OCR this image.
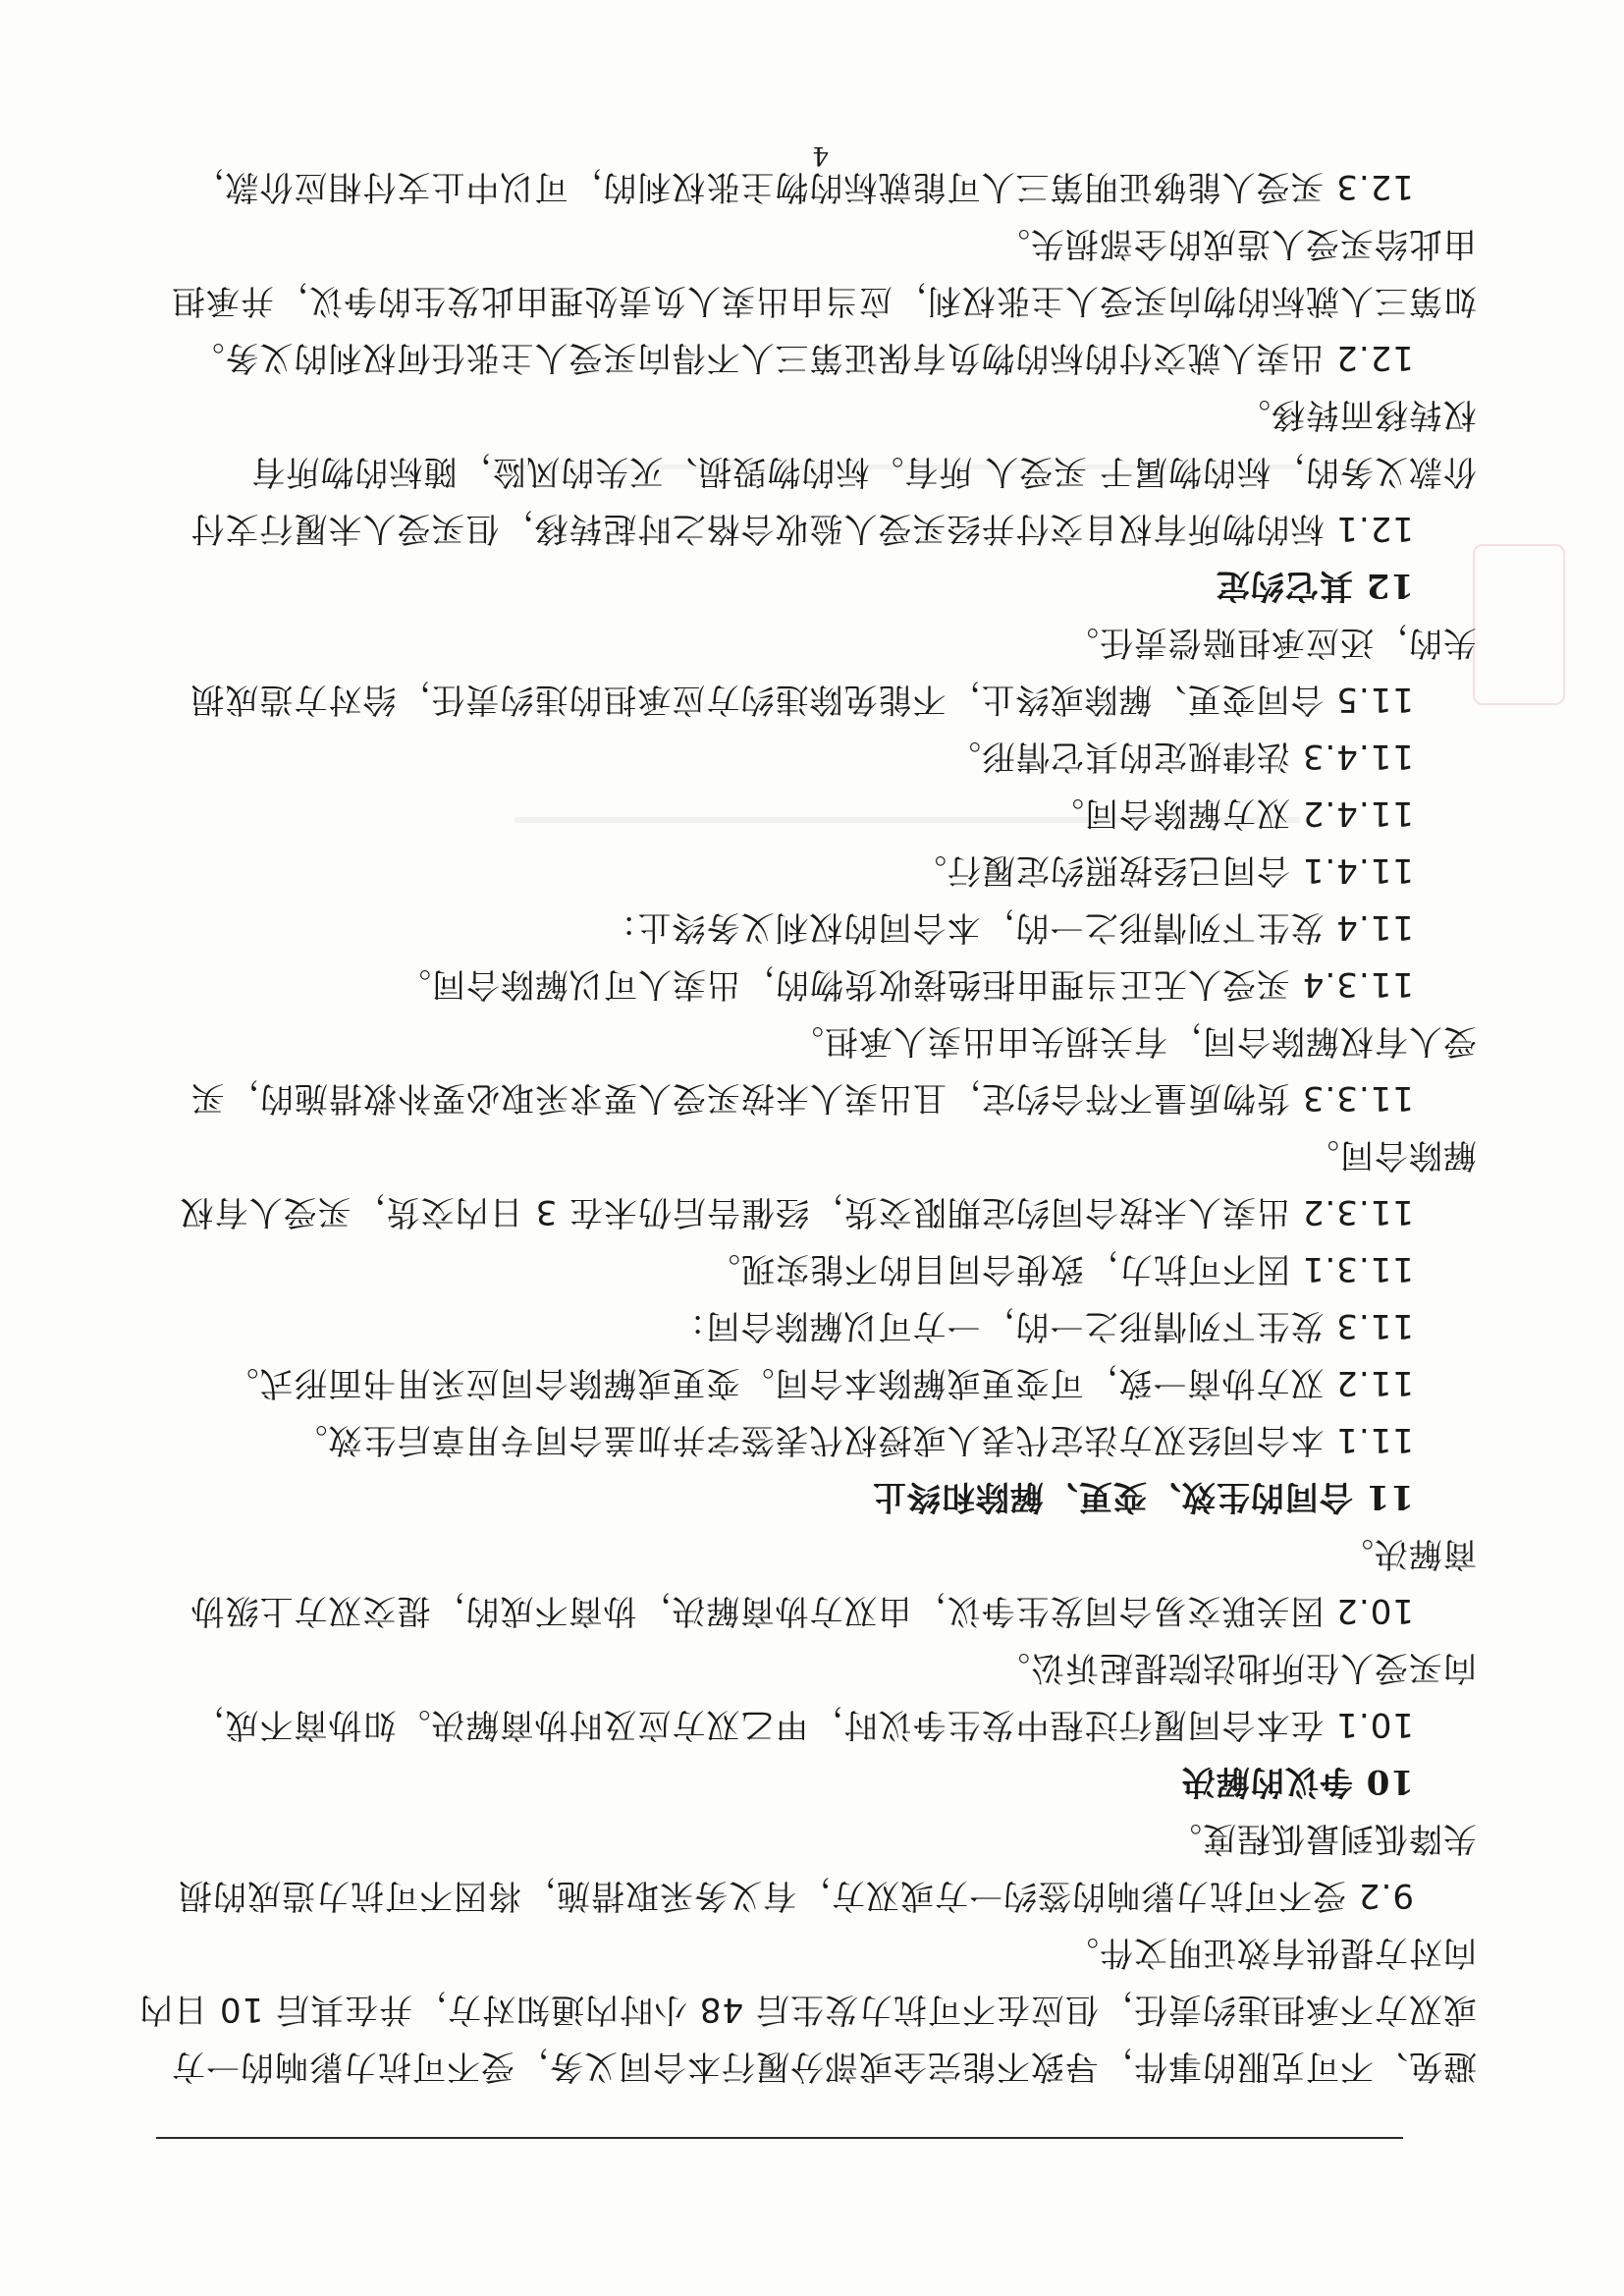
避免、不可克服的事件，导致不能完全或部分履行本合同义务，受不可抗力影响的一方
或双方不承担违约责任，但应在不可抗力发生后 48 小时内通知对方，并在其后 10 日内
向对方提供有效证明文件。
9.2 受不可抗力影响的签约一方或双方，有义务采取措施，将因不可抗力造成的损
失降低到最低程度。
10 争议的解决
10.1 在本合同履行过程中发生争议时，甲乙双方应及时协商解决。如协商不成，
向买受人住所地法院提起诉讼。
10.2 因关联交易合同发生争议，由双方协商解决，协商不成的，提交双方上级协
商解决。
11 合同的生效、变更、解除和终止
11.1 本合同经双方法定代表人或授权代表签字并加盖合同专用章后生效。
11.2 双方协商一致，可变更或解除本合同。变更或解除合同应采用书面形式。
11.3 发生下列情形之一的，一方可以解除合同：
11.3.1 因不可抗力，致使合同目的不能实现。
11.3.2 出卖人未按合同约定期限交货，经催告后仍未在 3 日内交货，买受人有权
解除合同。
11.3.3 货物质量不符合约定，且出卖人未按买受人要求采取必要补救措施的，买
受人有权解除合同，有关损失由出卖人承担。
11.3.4 买受人无正当理由拒绝接收货物的，出卖人可以解除合同。
11.4 发生下列情形之一的，本合同的权利义务终止：
11.4.1 合同已经按照约定履行。
11.4.2 双方解除合同。
11.4.3 法律规定的其它情形。
11.5 合同变更、解除或终止，不能免除违约方应承担的违约责任，给对方造成损
失的，还应承担赔偿责任。
12 其它约定
12.1 标的物所有权自交付并经买受人验收合格之时起转移，但买受人未履行支付
价款义务的，标的物属于 买受人 所有。标的物毁损、灭失的风险，随标的物所有
权转移而转移。
12.2 出卖人就交付的标的物负有保证第三人不得向买受人主张任何权利的义务。
如第三人就标的物向买受人主张权利，应当由出卖人负责处理由此发生的争议，并承担
由此给买受人造成的全部损失。
12.3 买受人能够证明第三人可能就标的物主张权利的，可以中止支付相应价款，
4
